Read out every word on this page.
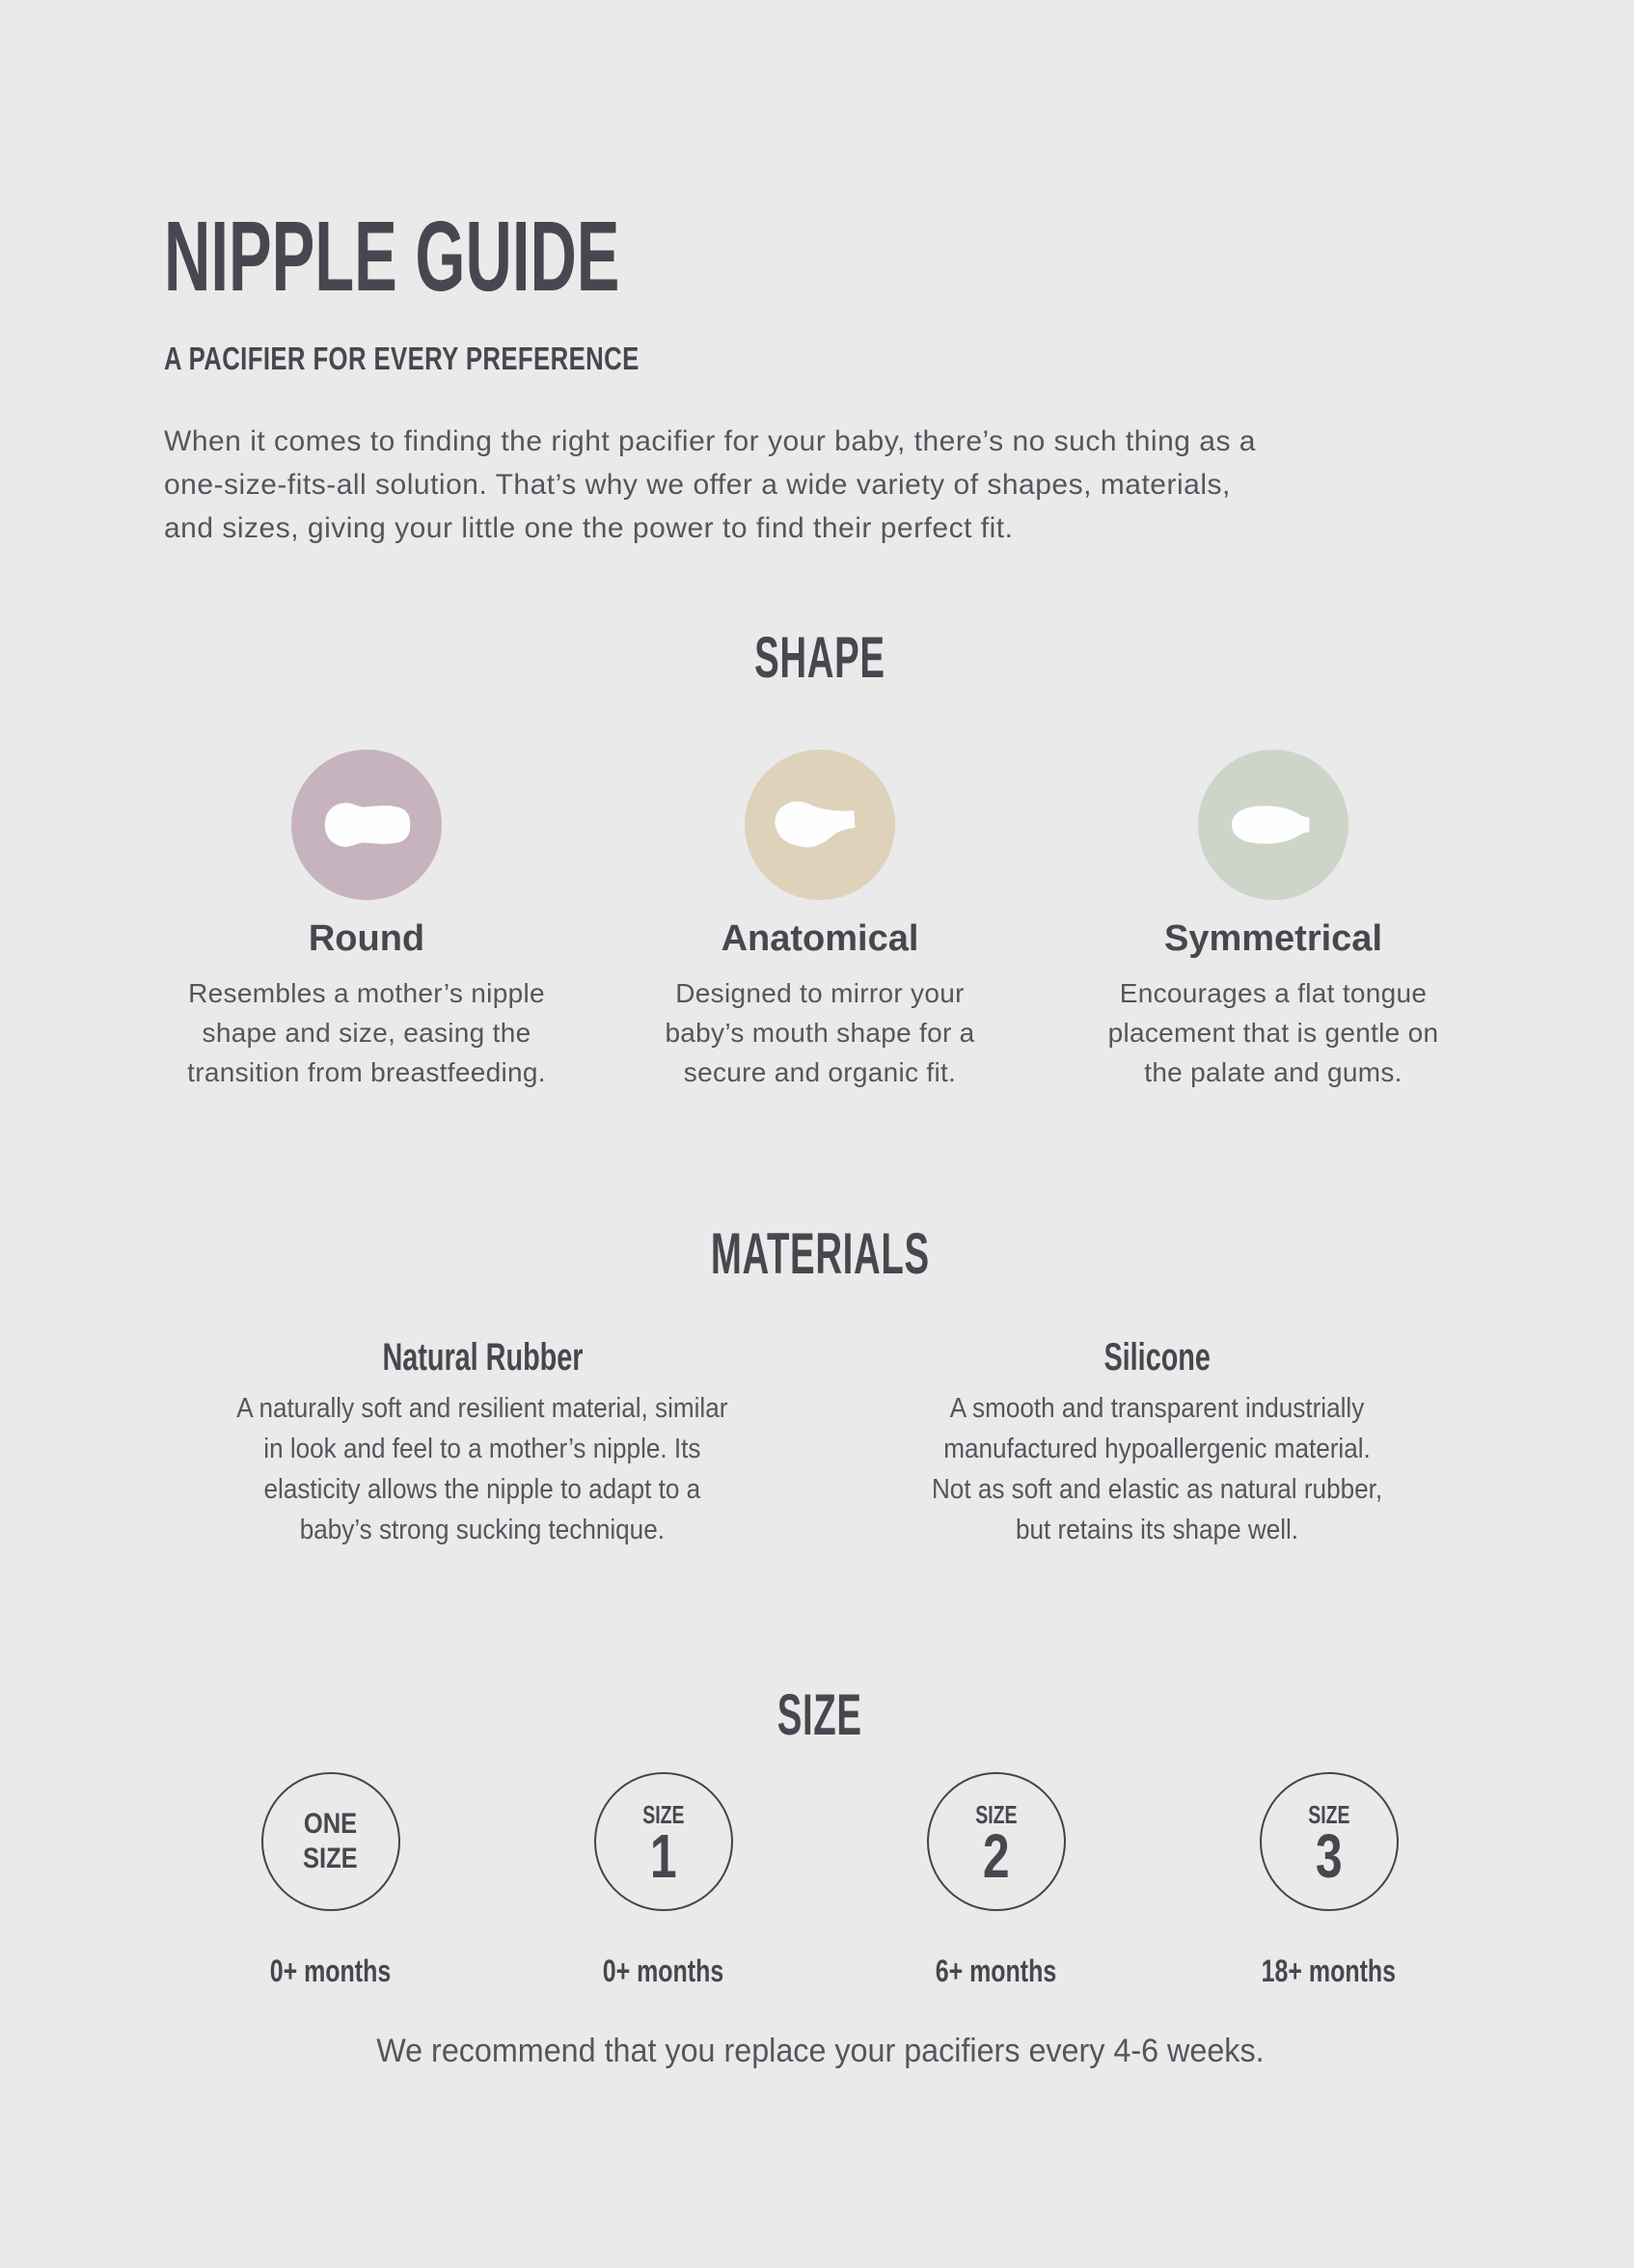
NIPPLE GUIDE
A PACIFIER FOR EVERY PREFERENCE

When it comes to finding the right pacifier for your baby, there’s no such thing as a
one-size-fits-all solution. That’s why we offer a wide variety of shapes, materials,
and sizes, giving your little one the power to find their perfect fit.

SHAPE
Round

Resembles a mother’s nipple
shape and size, easing the
transition from breastfeeding.

Anatomical

Designed to mirror your
baby’s mouth shape for a
secure and organic fit.

Symmetrical

Encourages a flat tongue
placement that is gentle on
the palate and gums.

MATERIALS
Natural Rubber

A naturally soft and resilient material, similar
in look and feel to a mother’s nipple. Its
elasticity allows the nipple to adapt to a
baby’s strong sucking technique.

Silicone

A smooth and transparent industrially
manufactured hypoallergenic material.
Not as soft and elastic as natural rubber,
but retains its shape well.

SIZE
ONE
SIZE
0+ months
SIZE
1
0+ months
SIZE
2
6+ months
SIZE
3
18+ months

We recommend that you replace your pacifiers every 4-6 weeks.
